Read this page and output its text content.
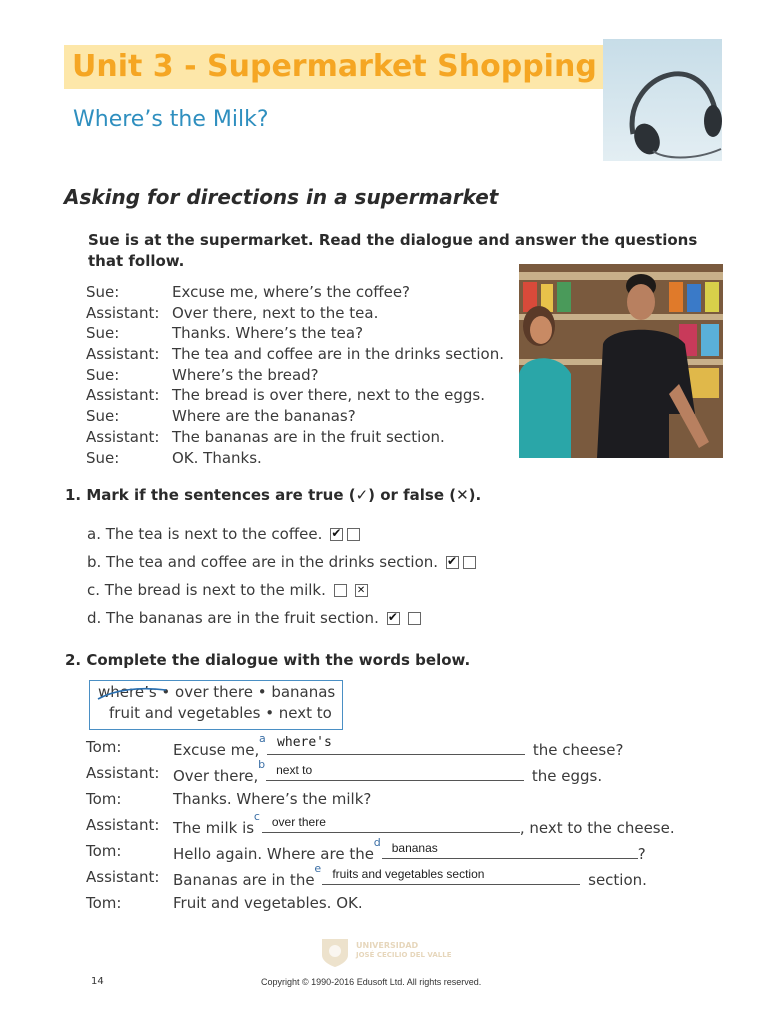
Unit 3 - Supermarket Shopping
Where’s the Milk?
Asking for directions in a supermarket
Sue is at the supermarket. Read the dialogue and answer the questions that follow.
Sue:	Excuse me, where’s the coffee?
Assistant: Over there, next to the tea.
Sue:	Thanks. Where’s the tea?
Assistant: The tea and coffee are in the drinks section.
Sue:	Where’s the bread?
Assistant: The bread is over there, next to the eggs.
Sue:	Where are the bananas?
Assistant: The bananas are in the fruit section.
Sue:	OK. Thanks.
1. Mark if the sentences are true (✓) or false (✕).
a. The tea is next to the coffee.
✔
b. The tea and coffee are in the drinks section.
✔
c. The bread is next to the milk.
✕
d. The bananas are in the fruit section.
✔
2. Complete the dialogue with the words below.
where’s • over there • bananas
fruit and vegetables • next to
Tom:	Excuse me,
a where's	the cheese?
Assistant: Over there,
b next to	the eggs.
Tom:	Thanks. Where’s the milk?
Assistant: The milk is
c over there	, next to the cheese.
Tom:	Hello again. Where are the
d bananas	?
Assistant: Bananas are in the
e fruits and vegetables section	section.
Tom:	Fruit and vegetables. OK.
UNIVERSIDAD
JOSÉ CECILIO DEL VALLE
14	Copyright © 1990-2016 Edusoft Ltd. All rights reserved.
